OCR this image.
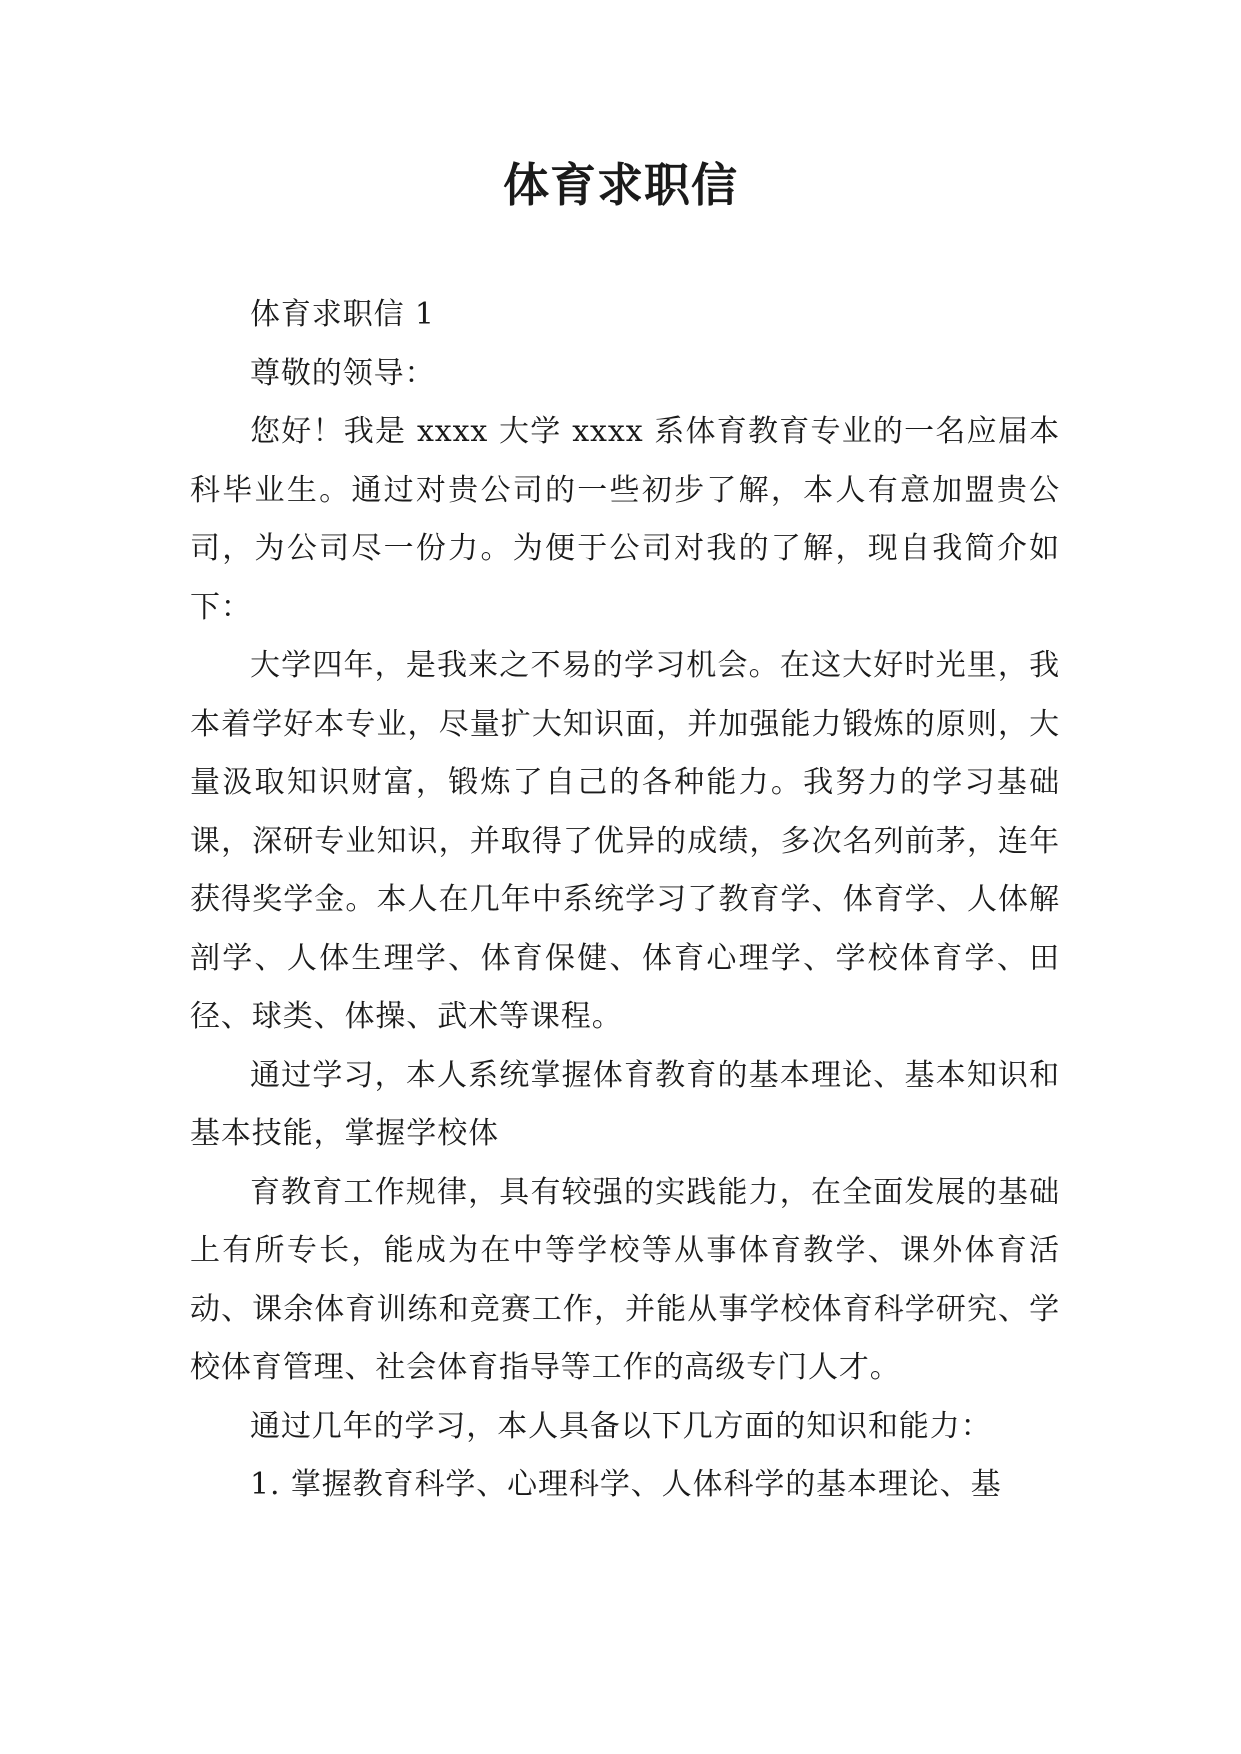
体育求职信

体育求职信 1

尊敬的领导：

您好！我是 xxxx 大学 xxxx 系体育教育专业的一名应届本科毕业生。通过对贵公司的一些初步了解，本人有意加盟贵公司，为公司尽一份力。为便于公司对我的了解，现自我简介如下：

大学四年，是我来之不易的学习机会。在这大好时光里，我本着学好本专业，尽量扩大知识面，并加强能力锻炼的原则，大量汲取知识财富，锻炼了自己的各种能力。我努力的学习基础课，深研专业知识，并取得了优异的成绩，多次名列前茅，连年获得奖学金。本人在几年中系统学习了教育学、体育学、人体解剖学、人体生理学、体育保健、体育心理学、学校体育学、田径、球类、体操、武术等课程。

通过学习，本人系统掌握体育教育的基本理论、基本知识和基本技能，掌握学校体

育教育工作规律，具有较强的实践能力，在全面发展的基础上有所专长，能成为在中等学校等从事体育教学、课外体育活动、课余体育训练和竞赛工作，并能从事学校体育科学研究、学校体育管理、社会体育指导等工作的高级专门人才。

通过几年的学习，本人具备以下几方面的知识和能力：

1. 掌握教育科学、心理科学、人体科学的基本理论、基
